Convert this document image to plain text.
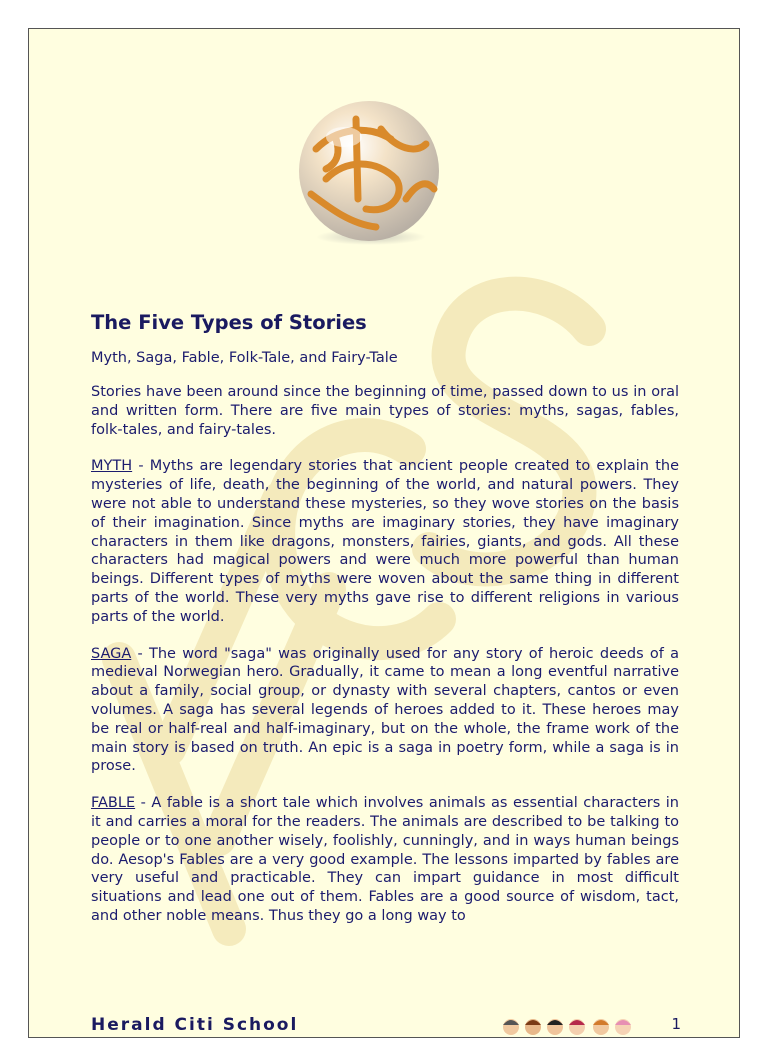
The Five Types of Stories
Myth, Saga, Fable, Folk-Tale, and Fairy-Tale

Stories have been around since the beginning of time, passed down to us in oral and written form. There are five main types of stories: myths, sagas, fables, folk-tales, and fairy-tales.

MYTH - Myths are legendary stories that ancient people created to explain the mysteries of life, death, the beginning of the world, and natural powers. They were not able to understand these mysteries, so they wove stories on the basis of their imagination. Since myths are imaginary stories, they have imaginary characters in them like dragons, monsters, fairies, giants, and gods. All these characters had magical powers and were much more powerful than human beings. Different types of myths were woven about the same thing in different parts of the world. These very myths gave rise to different religions in various parts of the world.

SAGA - The word "saga" was originally used for any story of heroic deeds of a medieval Norwegian hero. Gradually, it came to mean a long eventful narrative about a family, social group, or dynasty with several chapters, cantos or even volumes. A saga has several legends of heroes added to it. These heroes may be real or half-real and half-imaginary, but on the whole, the frame work of the main story is based on truth. An epic is a saga in poetry form, while a saga is in prose.

FABLE - A fable is a short tale which involves animals as essential characters in it and carries a moral for the readers. The animals are described to be talking to people or to one another wisely, foolishly, cunningly, and in ways human beings do. Aesop's Fables are a very good example. The lessons imparted by fables are very useful and practicable. They can impart guidance in most difficult situations and lead one out of them. Fables are a good source of wisdom, tact, and other noble means. Thus they go a long way to

Herald Citi School	1
